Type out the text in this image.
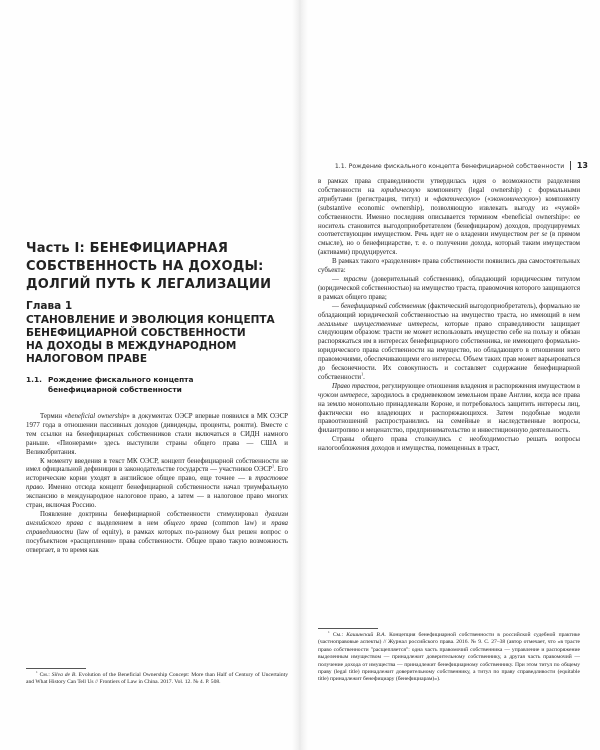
Часть I: БЕНЕФИЦИАРНАЯ
СОБСТВЕННОСТЬ НА ДОХОДЫ:
ДОЛГИЙ ПУТЬ К ЛЕГАЛИЗАЦИИ
Глава 1
СТАНОВЛЕНИЕ И ЭВОЛЮЦИЯ КОНЦЕПТА
БЕНЕФИЦИАРНОЙ СОБСТВЕННОСТИ
НА ДОХОДЫ В МЕЖДУНАРОДНОМ
НАЛОГОВОМ ПРАВЕ
1.1. Рождение фискального концепта
бенефициарной собственности

Термин «beneficial ownership» в документах ОЭСР впервые появился в МК ОЭСР 1977 года в отношении пассивных доходов (дивиденды, проценты, роялти). Вместе с тем ссылки на бенефициарных собственников стали включаться в СИДН намного раньше. «Пионерами» здесь выступили страны общего права — США и Великобритания.

К моменту введения в текст МК ОЭСР, концепт бенефициарной собственности не имел официальной дефиниции в законодательстве государств — участников ОЭСР$^1$. Его исторические корни уходят в английское общее право, еще точнее — в трастовое право. Именно отсюда концепт бенефициарной собственности начал триумфальную экспансию в международное налоговое право, а затем — в налоговое право многих стран, включая Россию.

Появление доктрины бенефициарной собственности стимулировал дуализм английского права с выделением в нем общего права (common law) и права справедливости (law of equity), в рамках которых по-разному был решен вопрос о посубъектном «расщеплении» права собственности. Общее право такую возможность отвергает, в то время как

$^1$ См.: Silva de B. Evolution of the Beneficial Ownership Concept: More than Half of Century of Uncertainty and What History Can Tell Us // Frontiers of Law in China. 2017. Vol. 12. № 4. P. 508.

1.1. Рождение фискального концепта бенефициарной собственности 13

в рамках права справедливости утвердилась идея о возможности разделения собственности на юридическую компоненту (legal ownership) с формальными атрибутами (регистрация, титул) и «фактическую» («экономическую») компоненту (substantive economic ownership), позволяющую извлекать выгоду из «чужой» собственности. Именно последняя описывается термином «beneficial ownership»: ее носитель становится выгодоприобретателем (бенефициаром) доходов, продуцируемых соответствующим имуществом. Речь идет не о владении имуществом per se (в прямом смысле), но о бенефициарстве, т. е. о получении дохода, который таким имуществом (активами) продуцируется.

В рамках такого «разделения» права собственности появились два самостоятельных субъекта:

— трасти (доверительный собственник), обладающий юридическим титулом (юридической собственностью) на имущество траста, правомочия которого защищаются в рамках общего права;

— бенефициарный собственник (фактический выгодоприобретатель), формально не обладающий юридической собственностью на имущество траста, но имеющий в нем легальные имущественные интересы, которые право справедливости защищает следующим образом: трасти не может использовать имущество себе на пользу и обязан распоряжаться им в интересах бенефициарного собственника, не имеющего формально-юридического права собственности на имущество, но обладающего в отношении него правомочиями, обеспечивающими его интересы. Объем таких прав может варьироваться до бесконечности. Их совокупность и составляет содержание бенефициарной собственности$^1$.

Право трастов, регулирующее отношения владения и распоряжения имуществом в чужом интересе, зародилось в средневековом земельном праве Англии, когда все права на землю монопольно принадлежали Короне, и потребовалось защитить интересы лиц, фактически ею владеющих и распоряжающихся. Затем подобные модели правоотношений распространились на семейные и наследственные вопросы, филантропию и меценатство, предпринимательство и инвестиционную деятельность.

Страны общего права столкнулись с необходимостью решать вопросы налогообложения доходов и имущества, помещенных в траст,

$^1$ См.: Кашинский В.А. Концепция бенефициарной собственности в российской судебной практике (частноправовые аспекты) // Журнал российского права. 2016. № 9. С. 27–38 (автор отмечает, что «в трасте право собственности "расщепляется": одна часть правомочий собственника — управление и распоряжение выделенным имуществом — принадлежит доверительному собственнику, а другая часть правомочий — получение дохода от имущества — принадлежит бенефициарному собственнику. При этом титул по общему праву (legal title) принадлежит доверительному собственнику, а титул по праву справедливости (equitable title) принадлежит бенефициару (бенефициарам)»).
